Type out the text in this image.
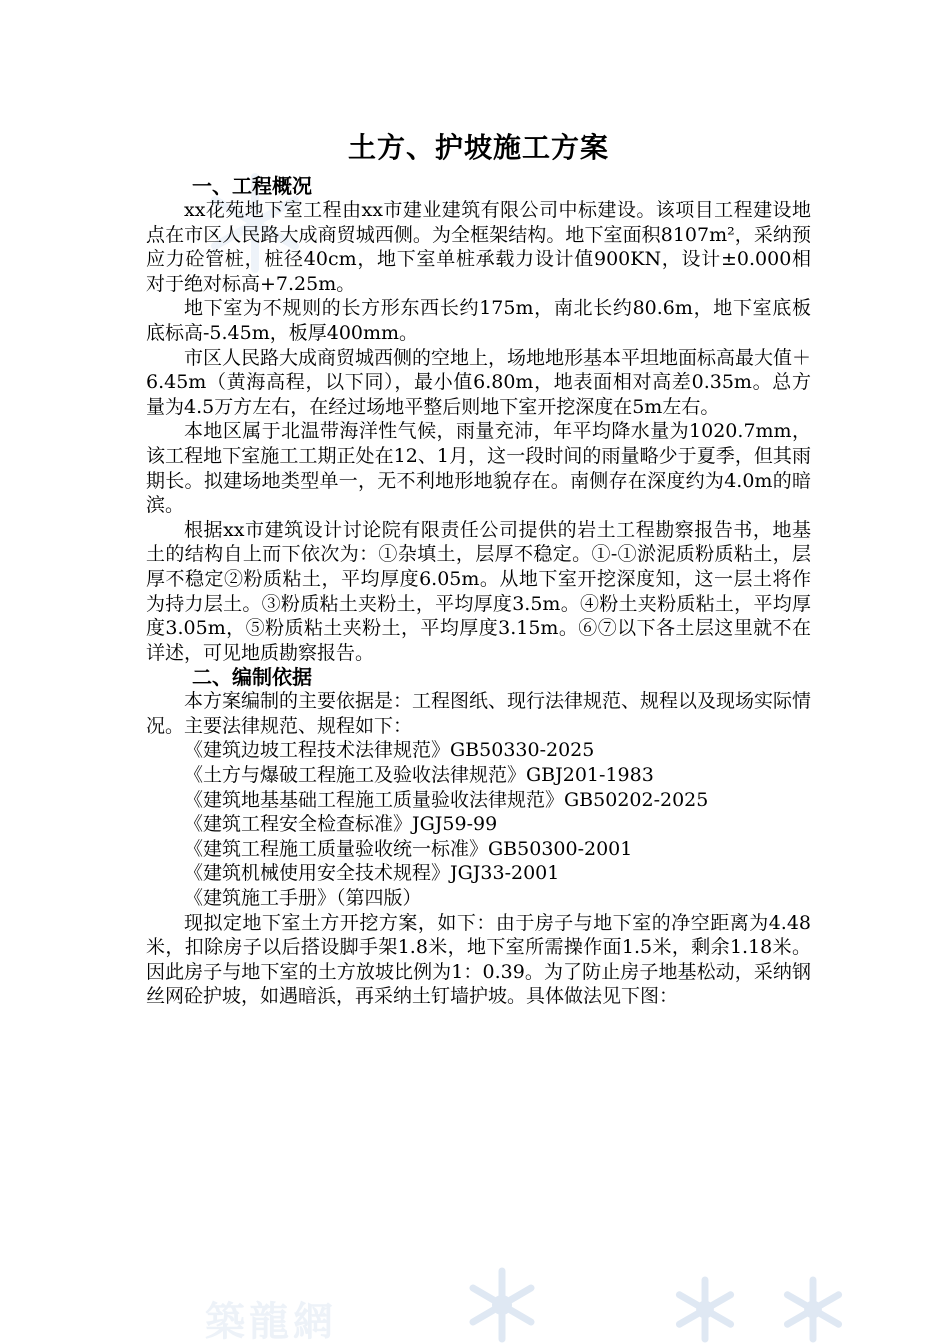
築龍網
土方、护坡施工方案
一、工程概况

xx花苑地下室工程由xx市建业建筑有限公司中标建设。该项目工程建设地点在市区人民路大成商贸城西侧。为全框架结构。地下室面积8107m²，采纳预应力砼管桩，桩径40cm，地下室单桩承载力设计值900KN，设计±0.000相对于绝对标高+7.25m。

地下室为不规则的长方形东西长约175m，南北长约80.6m，地下室底板底标高-5.45m，板厚400mm。

市区人民路大成商贸城西侧的空地上，场地地形基本平坦地面标高最大值＋6.45m（黄海高程，以下同），最小值6.80m，地表面相对高差0.35m。总方量为4.5万方左右，在经过场地平整后则地下室开挖深度在5m左右。

本地区属于北温带海洋性气候，雨量充沛，年平均降水量为1020.7mm，该工程地下室施工工期正处在12、1月，这一段时间的雨量略少于夏季，但其雨期长。拟建场地类型单一，无不利地形地貌存在。南侧存在深度约为4.0m的暗滨。

根据xx市建筑设计讨论院有限责任公司提供的岩土工程勘察报告书，地基土的结构自上而下依次为：①杂填土，层厚不稳定。①-①淤泥质粉质粘土，层厚不稳定②粉质粘土，平均厚度6.05m。从地下室开挖深度知，这一层土将作为持力层土。③粉质粘土夹粉土，平均厚度3.5m。④粉土夹粉质粘土，平均厚度3.05m，⑤粉质粘土夹粉土，平均厚度3.15m。⑥⑦以下各土层这里就不在详述，可见地质勘察报告。

二、编制依据

本方案编制的主要依据是：工程图纸、现行法律规范、规程以及现场实际情况。主要法律规范、规程如下：

《建筑边坡工程技术法律规范》GB50330-2025

《土方与爆破工程施工及验收法律规范》GBJ201-1983

《建筑地基基础工程施工质量验收法律规范》GB50202-2025

《建筑工程安全检查标准》JGJ59-99

《建筑工程施工质量验收统一标准》GB50300-2001

《建筑机械使用安全技术规程》JGJ33-2001

《建筑施工手册》（第四版）

现拟定地下室土方开挖方案，如下：由于房子与地下室的净空距离为4.48米，扣除房子以后搭设脚手架1.8米，地下室所需操作面1.5米，剩余1.18米。因此房子与地下室的土方放坡比例为1：0.39。为了防止房子地基松动，采纳钢丝网砼护坡，如遇暗浜，再采纳土钉墙护坡。具体做法见下图：
